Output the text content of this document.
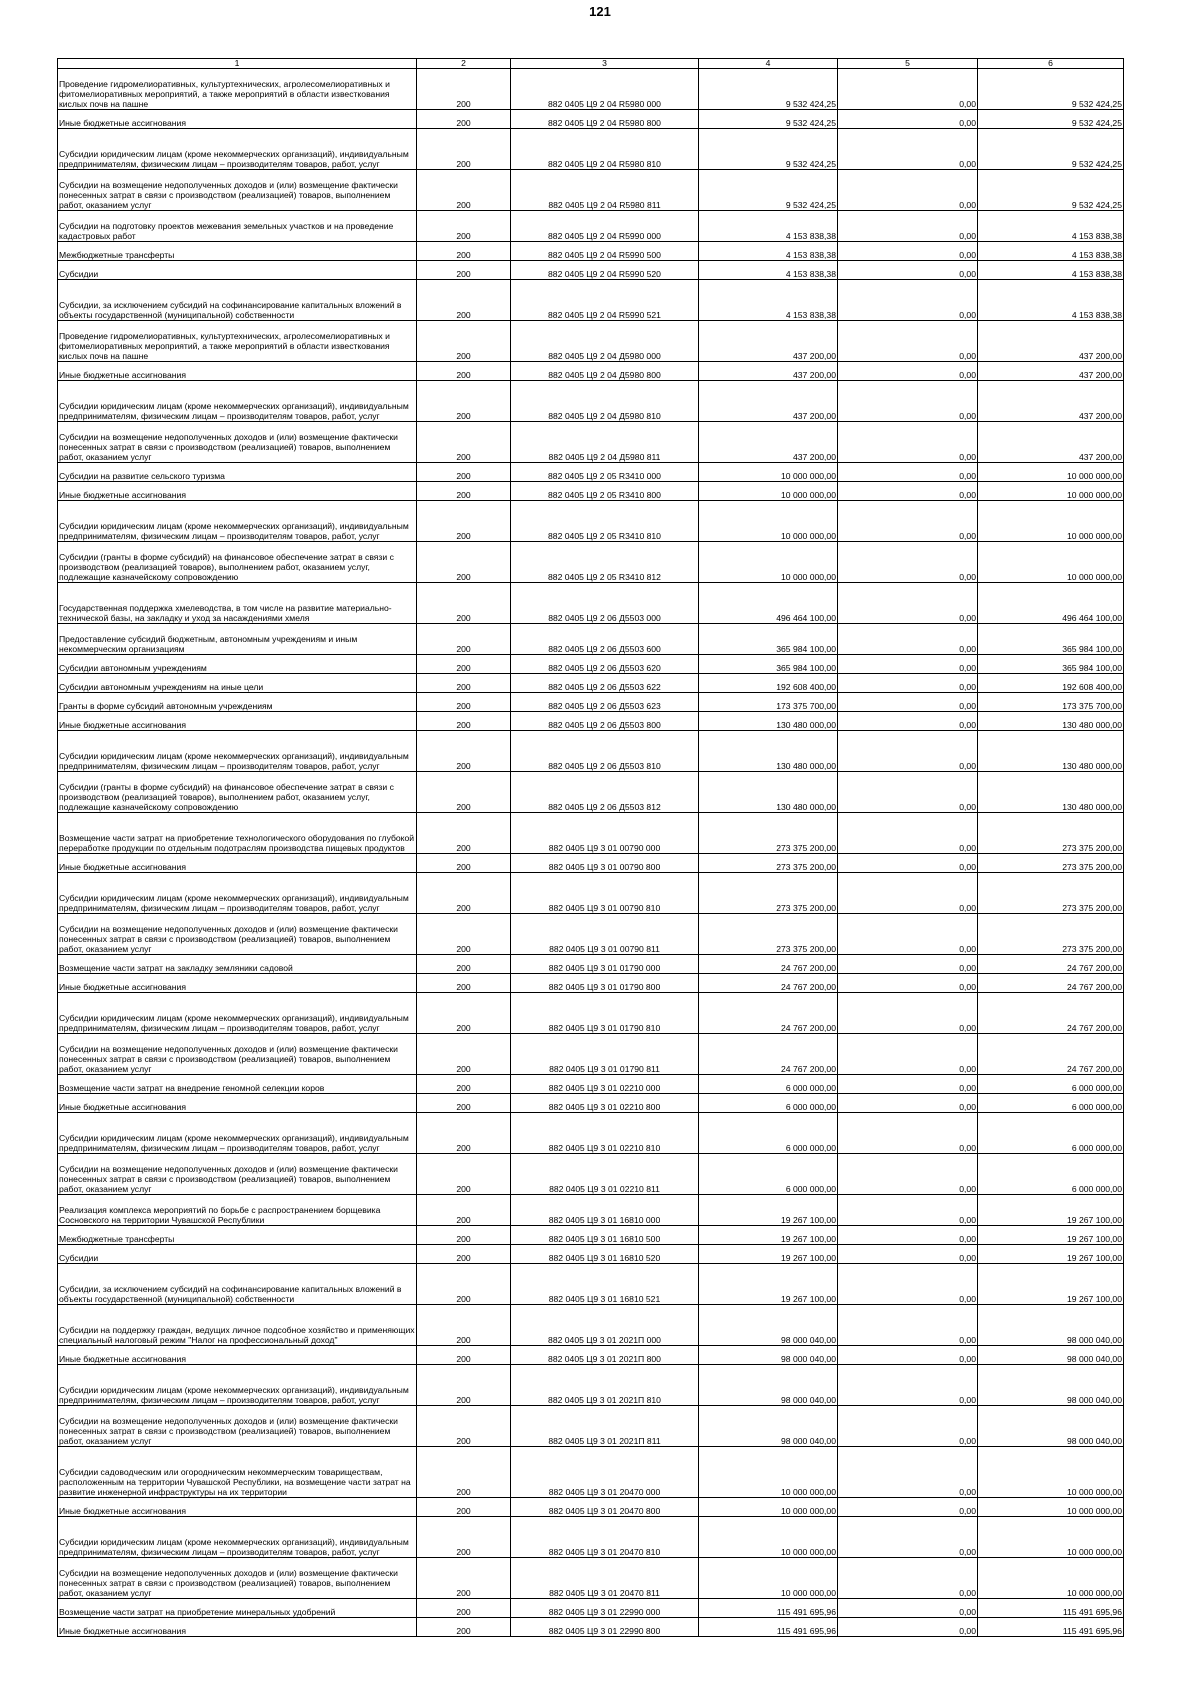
121
1	2	3	4	5	6
Проведение гидромелиоративных, культуртехнических, агролесомелиоративных и фитомелиоративных мероприятий, а также мероприятий в области известкования кислых почв на пашне	200	882 0405 Ц9 2 04 R5980 000	9 532 424,25	0,00	9 532 424,25
Иные бюджетные ассигнования	200	882 0405 Ц9 2 04 R5980 800	9 532 424,25	0,00	9 532 424,25
Субсидии юридическим лицам (кроме некоммерческих организаций), индивидуальным предпринимателям, физическим лицам – производителям товаров, работ, услуг	200	882 0405 Ц9 2 04 R5980 810	9 532 424,25	0,00	9 532 424,25
Субсидии на возмещение недополученных доходов и (или) возмещение фактически понесенных затрат в связи с производством (реализацией) товаров, выполнением работ, оказанием услуг	200	882 0405 Ц9 2 04 R5980 811	9 532 424,25	0,00	9 532 424,25
Субсидии на подготовку проектов межевания земельных участков и на проведение кадастровых работ	200	882 0405 Ц9 2 04 R5990 000	4 153 838,38	0,00	4 153 838,38
Межбюджетные трансферты	200	882 0405 Ц9 2 04 R5990 500	4 153 838,38	0,00	4 153 838,38
Субсидии	200	882 0405 Ц9 2 04 R5990 520	4 153 838,38	0,00	4 153 838,38
Субсидии, за исключением субсидий на софинансирование капитальных вложений в объекты государственной (муниципальной) собственности	200	882 0405 Ц9 2 04 R5990 521	4 153 838,38	0,00	4 153 838,38
Проведение гидромелиоративных, культуртехнических, агролесомелиоративных и фитомелиоративных мероприятий, а также мероприятий в области известкования кислых почв на пашне	200	882 0405 Ц9 2 04 Д5980 000	437 200,00	0,00	437 200,00
Иные бюджетные ассигнования	200	882 0405 Ц9 2 04 Д5980 800	437 200,00	0,00	437 200,00
Субсидии юридическим лицам (кроме некоммерческих организаций), индивидуальным предпринимателям, физическим лицам – производителям товаров, работ, услуг	200	882 0405 Ц9 2 04 Д5980 810	437 200,00	0,00	437 200,00
Субсидии на возмещение недополученных доходов и (или) возмещение фактически понесенных затрат в связи с производством (реализацией) товаров, выполнением работ, оказанием услуг	200	882 0405 Ц9 2 04 Д5980 811	437 200,00	0,00	437 200,00
Субсидии на развитие сельского туризма	200	882 0405 Ц9 2 05 R3410 000	10 000 000,00	0,00	10 000 000,00
Иные бюджетные ассигнования	200	882 0405 Ц9 2 05 R3410 800	10 000 000,00	0,00	10 000 000,00
Субсидии юридическим лицам (кроме некоммерческих организаций), индивидуальным предпринимателям, физическим лицам – производителям товаров, работ, услуг	200	882 0405 Ц9 2 05 R3410 810	10 000 000,00	0,00	10 000 000,00
Субсидии (гранты в форме субсидий) на финансовое обеспечение затрат в связи с производством (реализацией товаров), выполнением работ, оказанием услуг, подлежащие казначейскому сопровождению	200	882 0405 Ц9 2 05 R3410 812	10 000 000,00	0,00	10 000 000,00
Государственная поддержка хмелеводства, в том числе на развитие материально-технической базы, на закладку и уход за насаждениями хмеля	200	882 0405 Ц9 2 06 Д5503 000	496 464 100,00	0,00	496 464 100,00
Предоставление субсидий бюджетным, автономным учреждениям и иным некоммерческим организациям	200	882 0405 Ц9 2 06 Д5503 600	365 984 100,00	0,00	365 984 100,00
Субсидии автономным учреждениям	200	882 0405 Ц9 2 06 Д5503 620	365 984 100,00	0,00	365 984 100,00
Субсидии автономным учреждениям на иные цели	200	882 0405 Ц9 2 06 Д5503 622	192 608 400,00	0,00	192 608 400,00
Гранты в форме субсидий автономным учреждениям	200	882 0405 Ц9 2 06 Д5503 623	173 375 700,00	0,00	173 375 700,00
Иные бюджетные ассигнования	200	882 0405 Ц9 2 06 Д5503 800	130 480 000,00	0,00	130 480 000,00
Субсидии юридическим лицам (кроме некоммерческих организаций), индивидуальным предпринимателям, физическим лицам – производителям товаров, работ, услуг	200	882 0405 Ц9 2 06 Д5503 810	130 480 000,00	0,00	130 480 000,00
Субсидии (гранты в форме субсидий) на финансовое обеспечение затрат в связи с производством (реализацией товаров), выполнением работ, оказанием услуг, подлежащие казначейскому сопровождению	200	882 0405 Ц9 2 06 Д5503 812	130 480 000,00	0,00	130 480 000,00
Возмещение части затрат на приобретение технологического оборудования по глубокой переработке продукции по отдельным подотраслям производства пищевых продуктов	200	882 0405 Ц9 3 01 00790 000	273 375 200,00	0,00	273 375 200,00
Иные бюджетные ассигнования	200	882 0405 Ц9 3 01 00790 800	273 375 200,00	0,00	273 375 200,00
Субсидии юридическим лицам (кроме некоммерческих организаций), индивидуальным предпринимателям, физическим лицам – производителям товаров, работ, услуг	200	882 0405 Ц9 3 01 00790 810	273 375 200,00	0,00	273 375 200,00
Субсидии на возмещение недополученных доходов и (или) возмещение фактически понесенных затрат в связи с производством (реализацией) товаров, выполнением работ, оказанием услуг	200	882 0405 Ц9 3 01 00790 811	273 375 200,00	0,00	273 375 200,00
Возмещение части затрат на закладку земляники садовой	200	882 0405 Ц9 3 01 01790 000	24 767 200,00	0,00	24 767 200,00
Иные бюджетные ассигнования	200	882 0405 Ц9 3 01 01790 800	24 767 200,00	0,00	24 767 200,00
Субсидии юридическим лицам (кроме некоммерческих организаций), индивидуальным предпринимателям, физическим лицам – производителям товаров, работ, услуг	200	882 0405 Ц9 3 01 01790 810	24 767 200,00	0,00	24 767 200,00
Субсидии на возмещение недополученных доходов и (или) возмещение фактически понесенных затрат в связи с производством (реализацией) товаров, выполнением работ, оказанием услуг	200	882 0405 Ц9 3 01 01790 811	24 767 200,00	0,00	24 767 200,00
Возмещение части затрат на внедрение геномной селекции коров	200	882 0405 Ц9 3 01 02210 000	6 000 000,00	0,00	6 000 000,00
Иные бюджетные ассигнования	200	882 0405 Ц9 3 01 02210 800	6 000 000,00	0,00	6 000 000,00
Субсидии юридическим лицам (кроме некоммерческих организаций), индивидуальным предпринимателям, физическим лицам – производителям товаров, работ, услуг	200	882 0405 Ц9 3 01 02210 810	6 000 000,00	0,00	6 000 000,00
Субсидии на возмещение недополученных доходов и (или) возмещение фактически понесенных затрат в связи с производством (реализацией) товаров, выполнением работ, оказанием услуг	200	882 0405 Ц9 3 01 02210 811	6 000 000,00	0,00	6 000 000,00
Реализация комплекса мероприятий по борьбе с распространением борщевика Сосновского на территории Чувашской Республики	200	882 0405 Ц9 3 01 16810 000	19 267 100,00	0,00	19 267 100,00
Межбюджетные трансферты	200	882 0405 Ц9 3 01 16810 500	19 267 100,00	0,00	19 267 100,00
Субсидии	200	882 0405 Ц9 3 01 16810 520	19 267 100,00	0,00	19 267 100,00
Субсидии, за исключением субсидий на софинансирование капитальных вложений в объекты государственной (муниципальной) собственности	200	882 0405 Ц9 3 01 16810 521	19 267 100,00	0,00	19 267 100,00
Субсидии на поддержку граждан, ведущих личное подсобное хозяйство и применяющих специальный налоговый режим "Налог на профессиональный доход"	200	882 0405 Ц9 3 01 2021П 000	98 000 040,00	0,00	98 000 040,00
Иные бюджетные ассигнования	200	882 0405 Ц9 3 01 2021П 800	98 000 040,00	0,00	98 000 040,00
Субсидии юридическим лицам (кроме некоммерческих организаций), индивидуальным предпринимателям, физическим лицам – производителям товаров, работ, услуг	200	882 0405 Ц9 3 01 2021П 810	98 000 040,00	0,00	98 000 040,00
Субсидии на возмещение недополученных доходов и (или) возмещение фактически понесенных затрат в связи с производством (реализацией) товаров, выполнением работ, оказанием услуг	200	882 0405 Ц9 3 01 2021П 811	98 000 040,00	0,00	98 000 040,00
Субсидии садоводческим или огородническим некоммерческим товариществам, расположенным на территории Чувашской Республики, на возмещение части затрат на развитие инженерной инфраструктуры на их территории	200	882 0405 Ц9 3 01 20470 000	10 000 000,00	0,00	10 000 000,00
Иные бюджетные ассигнования	200	882 0405 Ц9 3 01 20470 800	10 000 000,00	0,00	10 000 000,00
Субсидии юридическим лицам (кроме некоммерческих организаций), индивидуальным предпринимателям, физическим лицам – производителям товаров, работ, услуг	200	882 0405 Ц9 3 01 20470 810	10 000 000,00	0,00	10 000 000,00
Субсидии на возмещение недополученных доходов и (или) возмещение фактически понесенных затрат в связи с производством (реализацией) товаров, выполнением работ, оказанием услуг	200	882 0405 Ц9 3 01 20470 811	10 000 000,00	0,00	10 000 000,00
Возмещение части затрат на приобретение минеральных удобрений	200	882 0405 Ц9 3 01 22990 000	115 491 695,96	0,00	115 491 695,96
Иные бюджетные ассигнования	200	882 0405 Ц9 3 01 22990 800	115 491 695,96	0,00	115 491 695,96
